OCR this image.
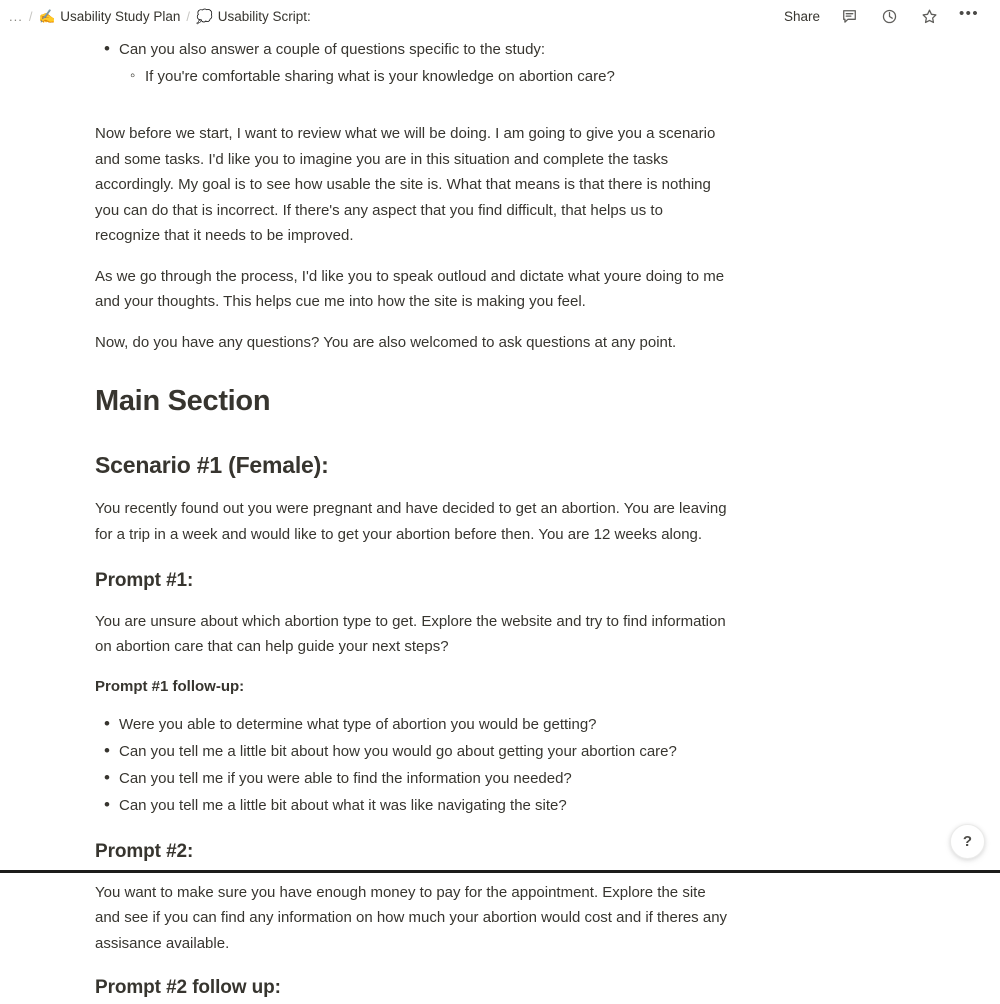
... / ✍️ Usability Study Plan / 💭 Usability Script:	Share	•••
• Can you also answer a couple of questions specific to the study:
◦ If you're comfortable sharing what is your knowledge on abortion care?

Now before we start, I want to review what we will be doing. I am going to give you a scenario and some tasks. I'd like you to imagine you are in this situation and complete the tasks accordingly. My goal is to see how usable the site is. What that means is that there is nothing you can do that is incorrect. If there's any aspect that you find difficult, that helps us to recognize that it needs to be improved.

As we go through the process, I'd like you to speak outloud and dictate what youre doing to me and your thoughts. This helps cue me into how the site is making you feel.

Now, do you have any questions? You are also welcomed to ask questions at any point.

Main Section
Scenario #1 (Female):

You recently found out you were pregnant and have decided to get an abortion. You are leaving for a trip in a week and would like to get your abortion before then. You are 12 weeks along.

Prompt #1:

You are unsure about which abortion type to get. Explore the website and try to find information on abortion care that can help guide your next steps?

Prompt #1 follow-up:

• Were you able to determine what type of abortion you would be getting?
• Can you tell me a little bit about how you would go about getting your abortion care?
• Can you tell me if you were able to find the information you needed?
• Can you tell me a little bit about what it was like navigating the site?
Prompt #2:

You want to make sure you have enough money to pay for the appointment. Explore the site and see if you can find any information on how much your abortion would cost and if theres any assisance available.

Prompt #2 follow up:
?
